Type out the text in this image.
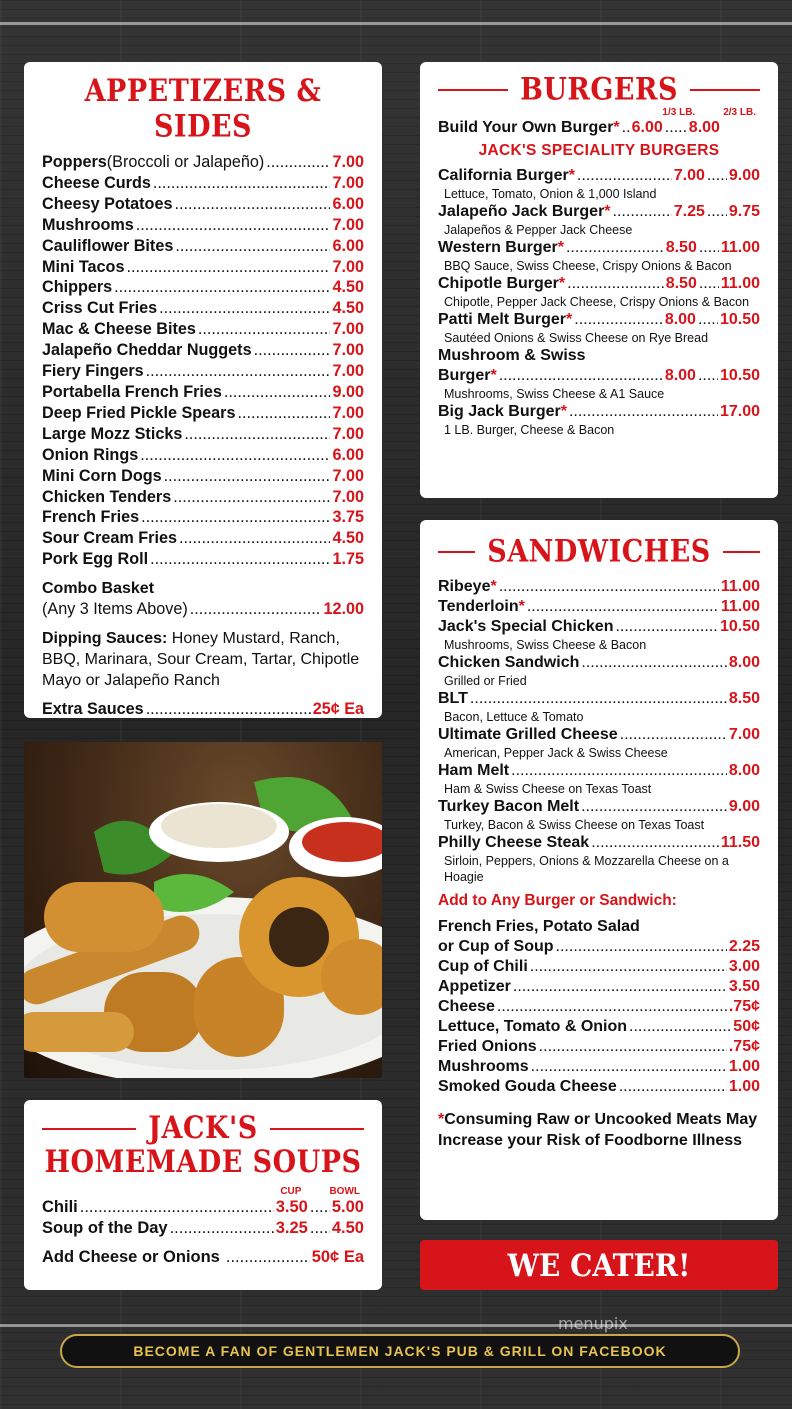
APPETIZERS & SIDES
Poppers (Broccoli or Jalapeño) .....	7.00
Cheese Curds .....	7.00
Cheesy Potatoes .....	6.00
Mushrooms .....	7.00
Cauliflower Bites .....	6.00
Mini Tacos .....	7.00
Chippers .....	4.50
Criss Cut Fries .....	4.50
Mac & Cheese Bites .....	7.00
Jalapeño Cheddar Nuggets .....	7.00
Fiery Fingers .....	7.00
Portabella French Fries .....	9.00
Deep Fried Pickle Spears .....	7.00
Large Mozz Sticks .....	7.00
Onion Rings .....	6.00
Mini Corn Dogs .....	7.00
Chicken Tenders .....	7.00
French Fries .....	3.75
Sour Cream Fries .....	4.50
Pork Egg Roll .....	1.75
Combo Basket
(Any 3 Items Above) .....	12.00
Dipping Sauces: Honey Mustard, Ranch, BBQ, Marinara, Sour Cream, Tartar, Chipotle Mayo or Jalapeño Ranch
Extra Sauces .....	25¢ Ea
JACK'S
HOMEMADE SOUPS
CUP	BOWL
Chili .....	3.50 ..... 5.00
Soup of the Day .....	3.25 ..... 4.50
Add Cheese or Onions .....	50¢ Ea
BURGERS
1/3 LB.	2/3 LB.
Build Your Own Burger * ..... 6.00 ..... 8.00
JACK'S SPECIALITY BURGERS
California Burger * .....	7.00 ..... 9.00
Lettuce, Tomato, Onion & 1,000 Island
Jalapeño Jack Burger * .....	7.25 ..... 9.75
Jalapeños & Pepper Jack Cheese
Western Burger * .....	8.50 ..... 11.00
BBQ Sauce, Swiss Cheese, Crispy Onions & Bacon
Chipotle Burger * .....	8.50 ..... 11.00
Chipotle, Pepper Jack Cheese, Crispy Onions & Bacon
Patti Melt Burger * .....	8.00 ..... 10.50
Sautéed Onions & Swiss Cheese on Rye Bread
Mushroom & Swiss
Burger * .....	8.00 ..... 10.50
Mushrooms, Swiss Cheese & A1 Sauce
Big Jack Burger * .....	17.00
1 LB. Burger, Cheese & Bacon
SANDWICHES
Ribeye * .....	11.00
Tenderloin * .....	11.00
Jack's Special Chicken .....	10.50
Mushrooms, Swiss Cheese & Bacon
Chicken Sandwich .....	8.00
Grilled or Fried
BLT .....	8.50
Bacon, Lettuce & Tomato
Ultimate Grilled Cheese .....	7.00
American, Pepper Jack & Swiss Cheese
Ham Melt .....	8.00
Ham & Swiss Cheese on Texas Toast
Turkey Bacon Melt .....	9.00
Turkey, Bacon & Swiss Cheese on Texas Toast
Philly Cheese Steak .....	11.50
Sirloin, Peppers, Onions & Mozzarella Cheese on a Hoagie
Add to Any Burger or Sandwich:
French Fries, Potato Salad
or Cup of Soup .....	2.25
Cup of Chili .....	3.00
Appetizer .....	3.50
Cheese .....	.75¢
Lettuce, Tomato & Onion .....	50¢
Fried Onions .....	.75¢
Mushrooms .....	1.00
Smoked Gouda Cheese .....	1.00
*Consuming Raw or Uncooked Meats May Increase your Risk of Foodborne Illness
WE CATER!
menupix
BECOME A FAN OF GENTLEMEN JACK'S PUB & GRILL ON FACEBOOK
